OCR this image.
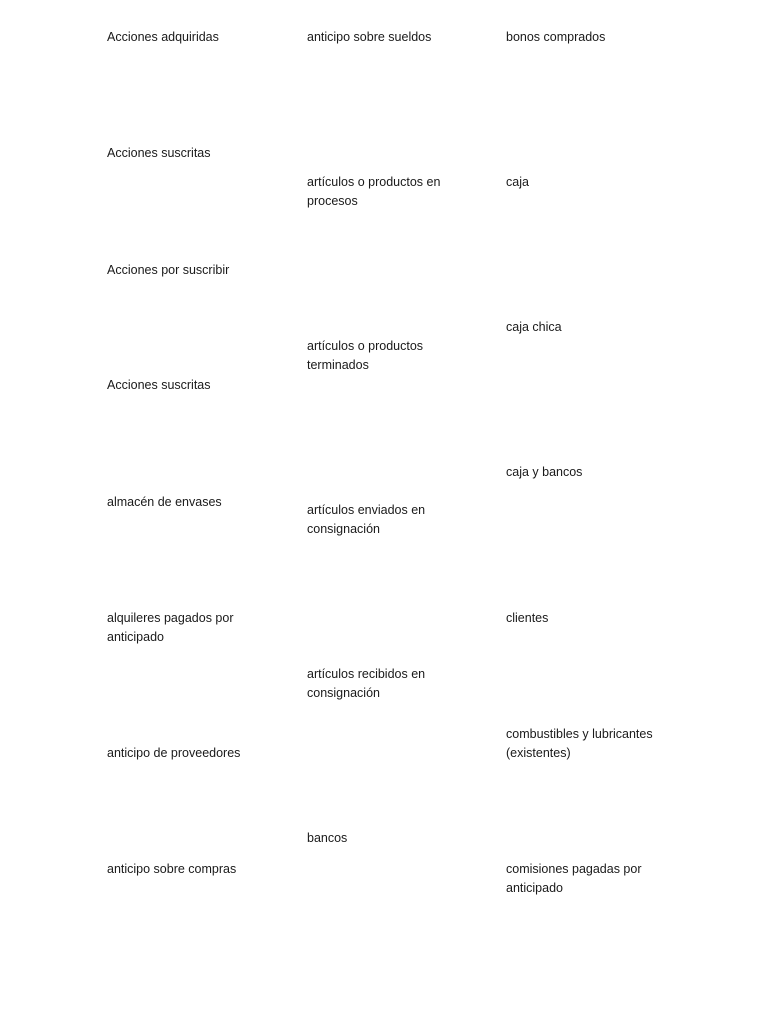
Acciones adquiridas

Acciones suscritas

Acciones por suscribir

Acciones suscritas

almacén de envases

alquileres pagados por anticipado

anticipo de proveedores

anticipo sobre compras

anticipo sobre sueldos

artículos o productos en procesos

artículos o productos terminados

artículos enviados en consignación

artículos recibidos en consignación

bancos

bonos comprados

caja

caja chica

caja y bancos

clientes

combustibles y lubricantes (existentes)

comisiones pagadas por anticipado
